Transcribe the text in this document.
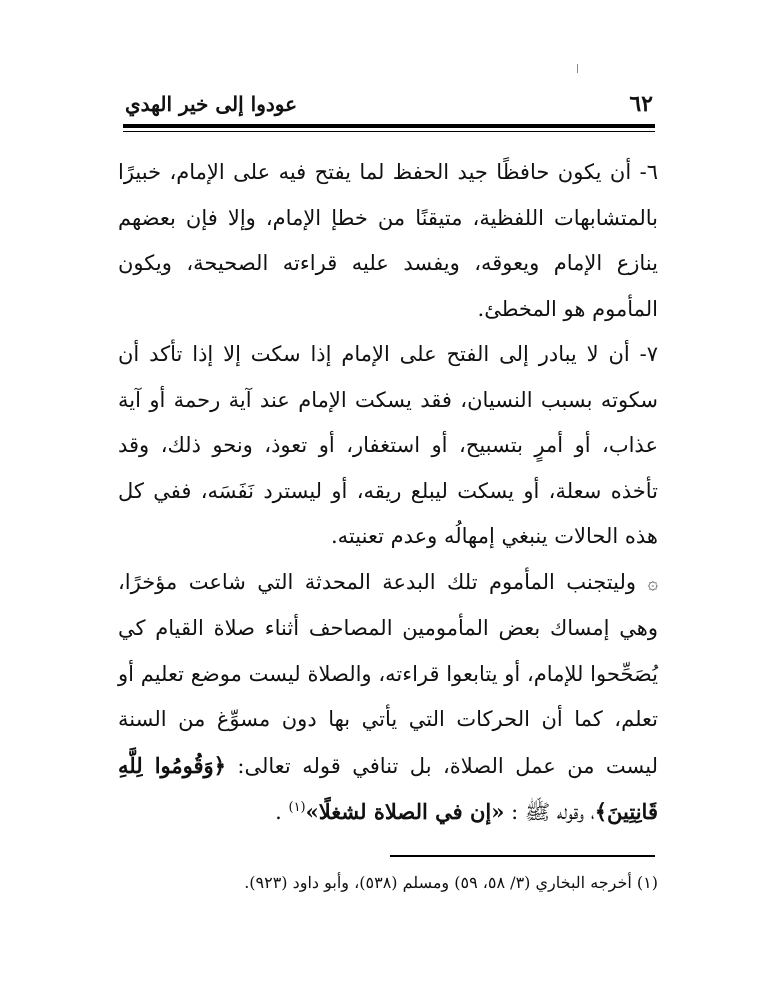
٦٢
عودوا إلى خير الهدي

٦- أن يكون حافظًا جيد الحفظ لما يفتح فيه على الإمام، خبيرًا بالمتشابهات اللفظية، متيقنًا من خطإ الإمام، وإلا فإن بعضهم ينازع الإمام ويعوقه، ويفسد عليه قراءته الصحيحة، ويكون المأموم هو المخطئ.

٧- أن لا يبادر إلى الفتح على الإمام إذا سكت إلا إذا تأكد أن سكوته بسبب النسيان، فقد يسكت الإمام عند آية رحمة أو آية عذاب، أو أمرٍ بتسبيح، أو استغفار، أو تعوذ، ونحو ذلك، وقد تأخذه سعلة، أو يسكت ليبلع ريقه، أو ليسترد نَفَسَه، ففي كل هذه الحالات ينبغي إمهالُه وعدم تعنيته.

۞ وليتجنب المأموم تلك البدعة المحدثة التي شاعت مؤخرًا، وهي إمساك بعض المأمومين المصاحف أثناء صلاة القيام كي يُصَحِّحوا للإمام، أو يتابعوا قراءته، والصلاة ليست موضع تعليم أو تعلم، كما أن الحركات التي يأتي بها دون مسوِّغ من السنة ليست من عمل الصلاة، بل تنافي قوله تعالى: ﴿وَقُومُوا لِلَّهِ قَانِتِينَ﴾، وقوله ﷺ : «إن في الصلاة لشغلًا»$^{(١)}$ .

(١) أخرجه البخاري (٣/ ٥٨، ٥٩) ومسلم (٥٣٨)، وأبو داود (٩٢٣).
